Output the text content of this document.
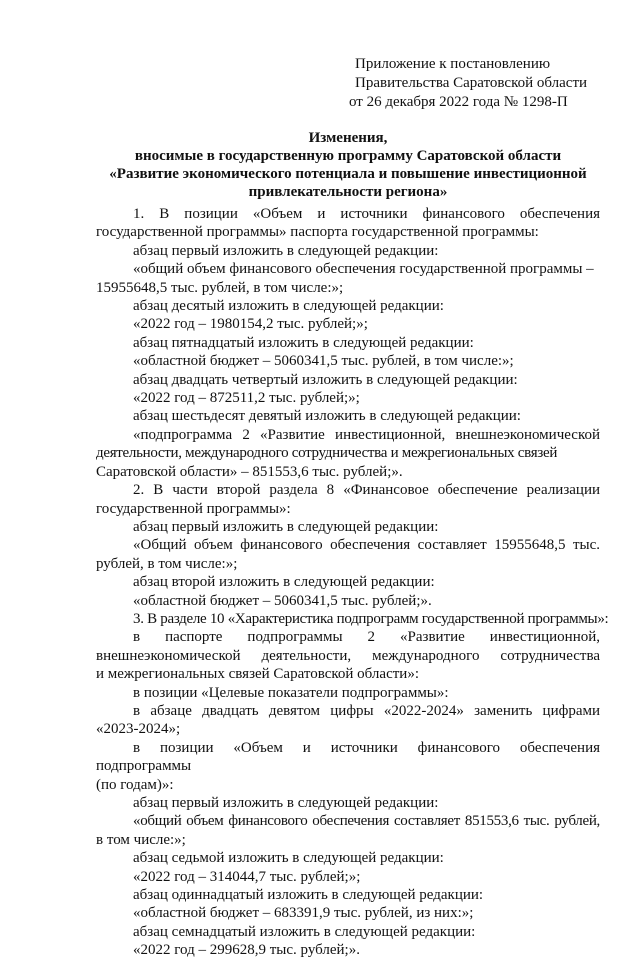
Приложение к постановлению
Правительства Саратовской области
от 26 декабря 2022 года № 1298-П
Изменения,
вносимые в государственную программу Саратовской области
«Развитие экономического потенциала и повышение инвестиционной
привлекательности региона»
1. В позиции «Объем и источники финансового обеспечения
государственной программы» паспорта государственной программы:
абзац первый изложить в следующей редакции:
«общий объем финансового обеспечения государственной программы –
15955648,5 тыс. рублей, в том числе:»;
абзац десятый изложить в следующей редакции:
«2022 год – 1980154,2 тыс. рублей;»;
абзац пятнадцатый изложить в следующей редакции:
«областной бюджет – 5060341,5 тыс. рублей, в том числе:»;
абзац двадцать четвертый изложить в следующей редакции:
«2022 год – 872511,2 тыс. рублей;»;
абзац шестьдесят девятый изложить в следующей редакции:
«подпрограмма 2 «Развитие инвестиционной, внешнеэкономической
деятельности, международного сотрудничества и межрегиональных связей
Саратовской области» – 851553,6 тыс. рублей;».
2. В части второй раздела 8 «Финансовое обеспечение реализации
государственной программы»:
абзац первый изложить в следующей редакции:
«Общий объем финансового обеспечения составляет 15955648,5 тыс.
рублей, в том числе:»;
абзац второй изложить в следующей редакции:
«областной бюджет – 5060341,5 тыс. рублей;».
3. В разделе 10 «Характеристика подпрограмм государственной программы»:
в паспорте подпрограммы 2 «Развитие инвестиционной,
внешнеэкономической деятельности, международного сотрудничества
и межрегиональных связей Саратовской области»:
в позиции «Целевые показатели подпрограммы»:
в абзаце двадцать девятом цифры «2022-2024» заменить цифрами
«2023-2024»;
в позиции «Объем и источники финансового обеспечения подпрограммы
(по годам)»:
абзац первый изложить в следующей редакции:
«общий объем финансового обеспечения составляет 851553,6 тыс. рублей,
в том числе:»;
абзац седьмой изложить в следующей редакции:
«2022 год – 314044,7 тыс. рублей;»;
абзац одиннадцатый изложить в следующей редакции:
«областной бюджет – 683391,9 тыс. рублей, из них:»;
абзац семнадцатый изложить в следующей редакции:
«2022 год – 299628,9 тыс. рублей;».
